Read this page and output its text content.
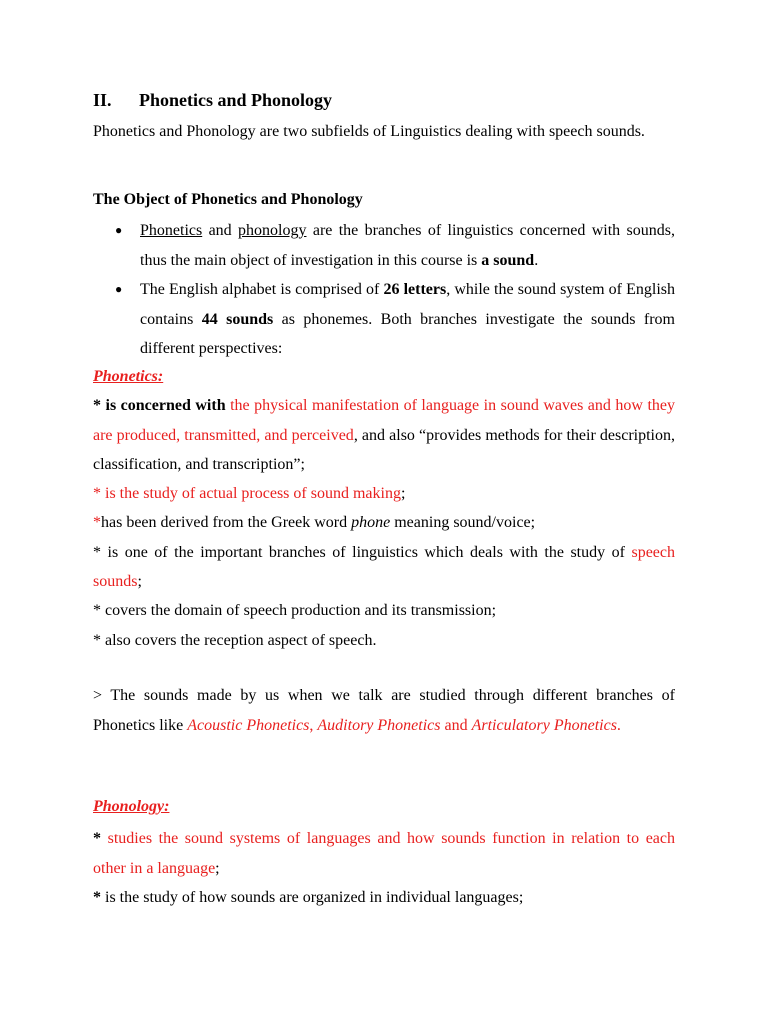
II. Phonetics and Phonology

Phonetics and Phonology are two subfields of Linguistics dealing with speech sounds.

The Object of Phonetics and Phonology
● Phonetics and phonology are the branches of linguistics concerned with sounds, thus the main object of investigation in this course is a sound.
● The English alphabet is comprised of 26 letters, while the sound system of English contains 44 sounds as phonemes. Both branches investigate the sounds from different perspectives:

Phonetics:

* is concerned with the physical manifestation of language in sound waves and how they are produced, transmitted, and perceived, and also “provides methods for their description, classification, and transcription”;

* is the study of actual process of sound making;

*has been derived from the Greek word phone meaning sound/voice;

* is one of the important branches of linguistics which deals with the study of speech sounds;

* covers the domain of speech production and its transmission;

* also covers the reception aspect of speech.

> The sounds made by us when we talk are studied through different branches of Phonetics like Acoustic Phonetics, Auditory Phonetics and Articulatory Phonetics.

Phonology:

* studies the sound systems of languages and how sounds function in relation to each other in a language;

* is the study of how sounds are organized in individual languages;
